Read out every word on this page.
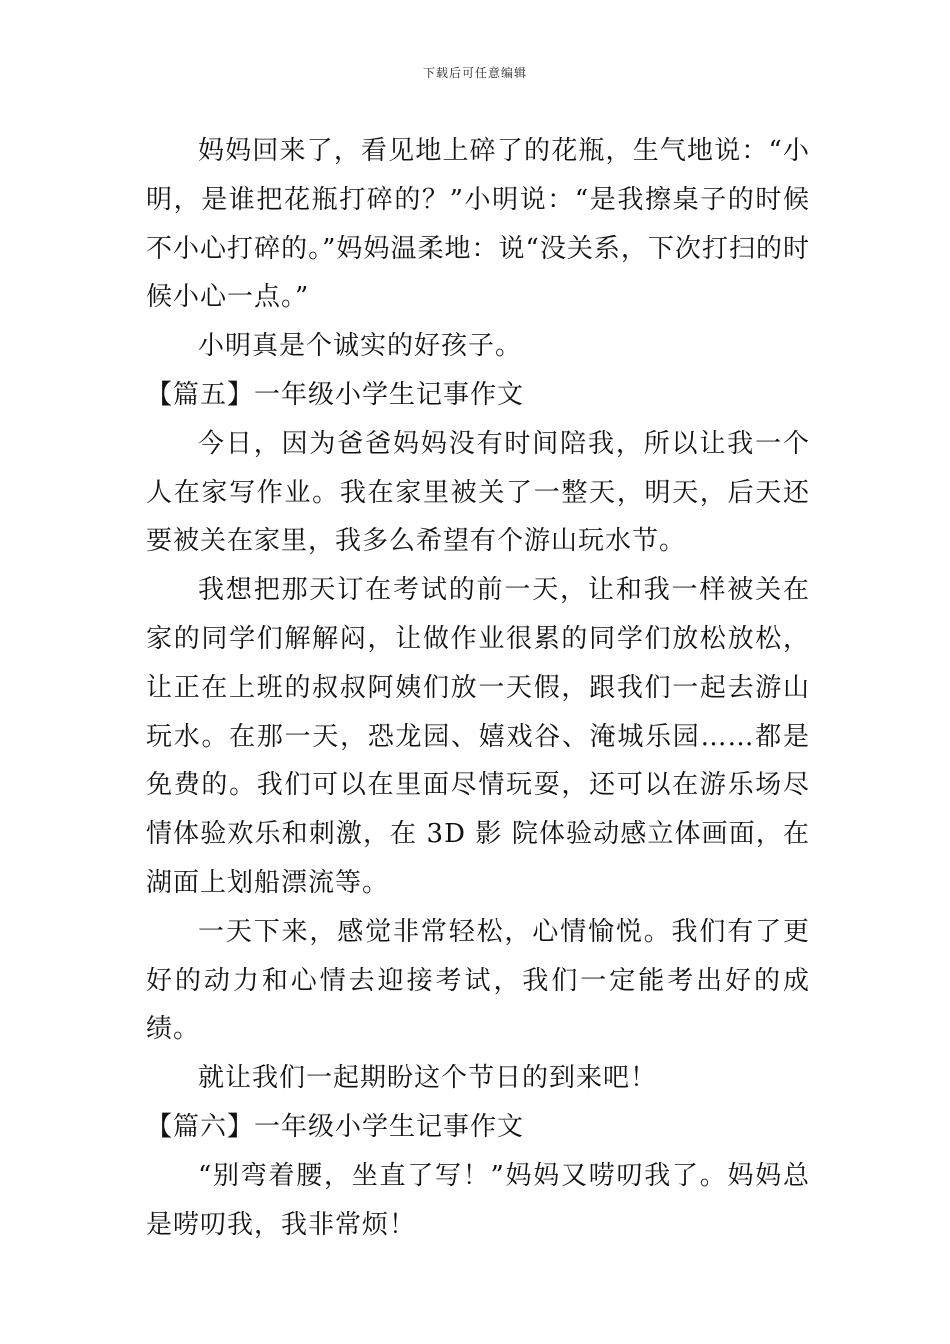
下载后可任意编辑

妈妈回来了，看见地上碎了的花瓶，生气地说：“小明，是谁把花瓶打碎的？”小明说：“是我擦桌子的时候不小心打碎的。”妈妈温柔地：说“没关系，下次打扫的时候小心一点。”

小明真是个诚实的好孩子。

【篇五】一年级小学生记事作文

今日，因为爸爸妈妈没有时间陪我，所以让我一个人在家写作业。我在家里被关了一整天，明天，后天还要被关在家里，我多么希望有个游山玩水节。

我想把那天订在考试的前一天，让和我一样被关在家的同学们解解闷，让做作业很累的同学们放松放松，让正在上班的叔叔阿姨们放一天假，跟我们一起去游山玩水。在那一天，恐龙园、嬉戏谷、淹城乐园……都是免费的。我们可以在里面尽情玩耍，还可以在游乐场尽情体验欢乐和刺激，在 3D 影 院体验动感立体画面，在湖面上划船漂流等。

一天下来，感觉非常轻松，心情愉悦。我们有了更好的动力和心情去迎接考试，我们一定能考出好的成绩。

就让我们一起期盼这个节日的到来吧！

【篇六】一年级小学生记事作文

“别弯着腰，坐直了写！”妈妈又唠叨我了。妈妈总是唠叨我，我非常烦！
